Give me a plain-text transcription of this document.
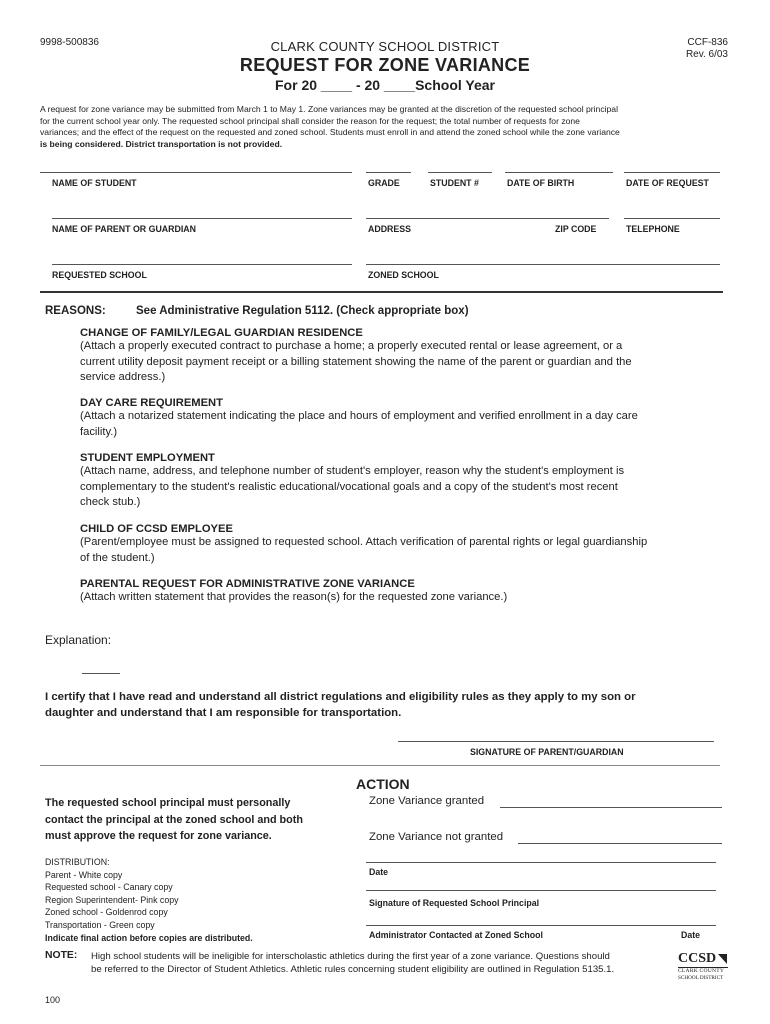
9998-500836	CLARK COUNTY SCHOOL DISTRICT
REQUEST FOR ZONE VARIANCE
For 20 ____ - 20 ____School Year
CCF-836
Rev. 6/03
A request for zone variance may be submitted from March 1 to May 1. Zone variances may be granted at the discretion of the requested school principal
for the current school year only. The requested school principal shall consider the reason for the request; the total number of requests for zone
variances; and the effect of the request on the requested and zoned school. Students must enroll in and attend the zoned school while the zone variance
is being considered. District transportation is not provided.
NAME OF STUDENT	GRADE	STUDENT #	DATE OF BIRTH	DATE OF REQUEST
NAME OF PARENT OR GUARDIAN	ADDRESS	ZIP CODE	TELEPHONE
REQUESTED SCHOOL	ZONED SCHOOL
REASONS:	See Administrative Regulation 5112. (Check appropriate box)
CHANGE OF FAMILY/LEGAL GUARDIAN RESIDENCE
(Attach a properly executed contract to purchase a home; a properly executed rental or lease agreement, or a
current utility deposit payment receipt or a billing statement showing the name of the parent or guardian and the
service address.)
DAY CARE REQUIREMENT
(Attach a notarized statement indicating the place and hours of employment and verified enrollment in a day care
facility.)
STUDENT EMPLOYMENT
(Attach name, address, and telephone number of student's employer, reason why the student's employment is
complementary to the student's realistic educational/vocational goals and a copy of the student's most recent
check stub.)
CHILD OF CCSD EMPLOYEE
(Parent/employee must be assigned to requested school. Attach verification of parental rights or legal guardianship
of the student.)
PARENTAL REQUEST FOR ADMINISTRATIVE ZONE VARIANCE
(Attach written statement that provides the reason(s) for the requested zone variance.)
Explanation:
I certify that I have read and understand all district regulations and eligibility rules as they apply to my son or
daughter and understand that I am responsible for transportation.
SIGNATURE OF PARENT/GUARDIAN
ACTION
Zone Variance granted
Zone Variance not granted
Date
Signature of Requested School Principal
Administrator Contacted at Zoned School	Date
The requested school principal must personally
contact the principal at the zoned school and both
must approve the request for zone variance.
DISTRIBUTION:
Parent - White copy
Requested school - Canary copy
Region Superintendent- Pink copy
Zoned school - Goldenrod copy
Transportation - Green copy
Indicate final action before copies are distributed.
NOTE: High school students will be ineligible for interscholastic athletics during the first year of a zone variance. Questions should
be referred to the Director of Student Athletics. Athletic rules concerning student eligibility are outlined in Regulation 5135.1.
100
CCSD
CLARK COUNTY
SCHOOL DISTRICT
